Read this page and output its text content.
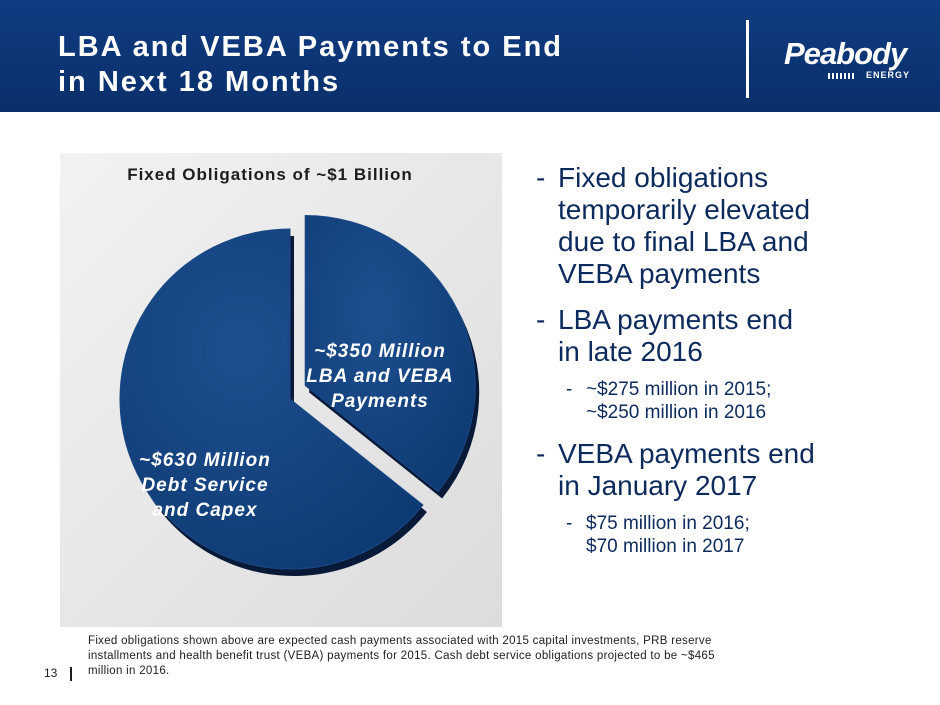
LBA and VEBA Payments to End
in Next 18 Months
Peabody
ENERGY
Fixed Obligations of ~$1 Billion
~$350 Million LBA and VEBA Payments
~$630 Million Debt Service and Capex
- Fixed obligations
temporarily elevated
due to final LBA and
VEBA payments
- LBA payments end
in late 2016
- ~$275 million in 2015;
~$250 million in 2016
- VEBA payments end
in January 2017
- $75 million in 2016;
$70 million in 2017
Fixed obligations shown above are expected cash payments associated with 2015 capital investments, PRB reserve
installments and health benefit trust (VEBA) payments for 2015. Cash debt service obligations projected to be ~$465
million in 2016.
13
